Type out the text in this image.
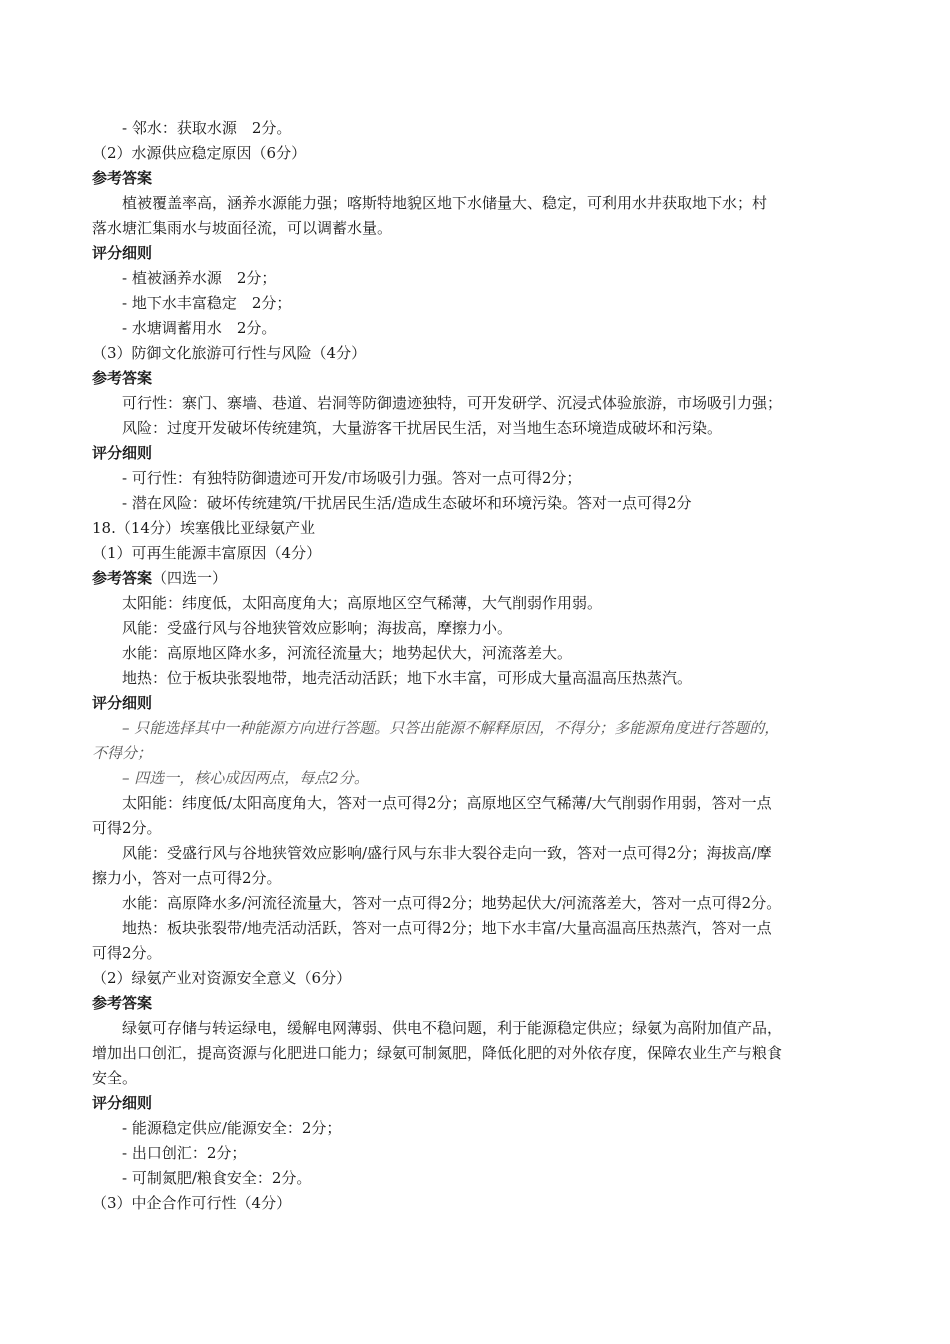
- 邻水：获取水源　2分。
（2）水源供应稳定原因（6分）
参考答案
植被覆盖率高，涵养水源能力强；喀斯特地貌区地下水储量大、稳定，可利用水井获取地下水；村
落水塘汇集雨水与坡面径流，可以调蓄水量。
评分细则
- 植被涵养水源　2分；
- 地下水丰富稳定　2分；
- 水塘调蓄用水　2分。
（3）防御文化旅游可行性与风险（4分）
参考答案
可行性：寨门、寨墙、巷道、岩洞等防御遗迹独特，可开发研学、沉浸式体验旅游，市场吸引力强；
风险：过度开发破坏传统建筑，大量游客干扰居民生活，对当地生态环境造成破坏和污染。
评分细则
- 可行性：有独特防御遗迹可开发/市场吸引力强。答对一点可得2分；
- 潜在风险：破坏传统建筑/干扰居民生活/造成生态破坏和环境污染。答对一点可得2分
18.（14分）埃塞俄比亚绿氨产业
（1）可再生能源丰富原因（4分）
参考答案（四选一）
太阳能：纬度低，太阳高度角大；高原地区空气稀薄，大气削弱作用弱。
风能：受盛行风与谷地狭管效应影响；海拔高，摩擦力小。
水能：高原地区降水多，河流径流量大；地势起伏大，河流落差大。
地热：位于板块张裂地带，地壳活动活跃；地下水丰富，可形成大量高温高压热蒸汽。
评分细则
– 只能选择其中一种能源方向进行答题。只答出能源不解释原因，不得分；多能源角度进行答题的，
不得分；
– 四选一，核心成因两点，每点2分。
太阳能：纬度低/太阳高度角大，答对一点可得2分；高原地区空气稀薄/大气削弱作用弱，答对一点
可得2分。
风能：受盛行风与谷地狭管效应影响/盛行风与东非大裂谷走向一致，答对一点可得2分；海拔高/摩
擦力小，答对一点可得2分。
水能：高原降水多/河流径流量大，答对一点可得2分；地势起伏大/河流落差大，答对一点可得2分。
地热：板块张裂带/地壳活动活跃，答对一点可得2分；地下水丰富/大量高温高压热蒸汽，答对一点
可得2分。
（2）绿氨产业对资源安全意义（6分）
参考答案
绿氨可存储与转运绿电，缓解电网薄弱、供电不稳问题，利于能源稳定供应；绿氨为高附加值产品，
增加出口创汇，提高资源与化肥进口能力；绿氨可制氮肥，降低化肥的对外依存度，保障农业生产与粮食
安全。
评分细则
- 能源稳定供应/能源安全：2分；
- 出口创汇：2分；
- 可制氮肥/粮食安全：2分。
（3）中企合作可行性（4分）
